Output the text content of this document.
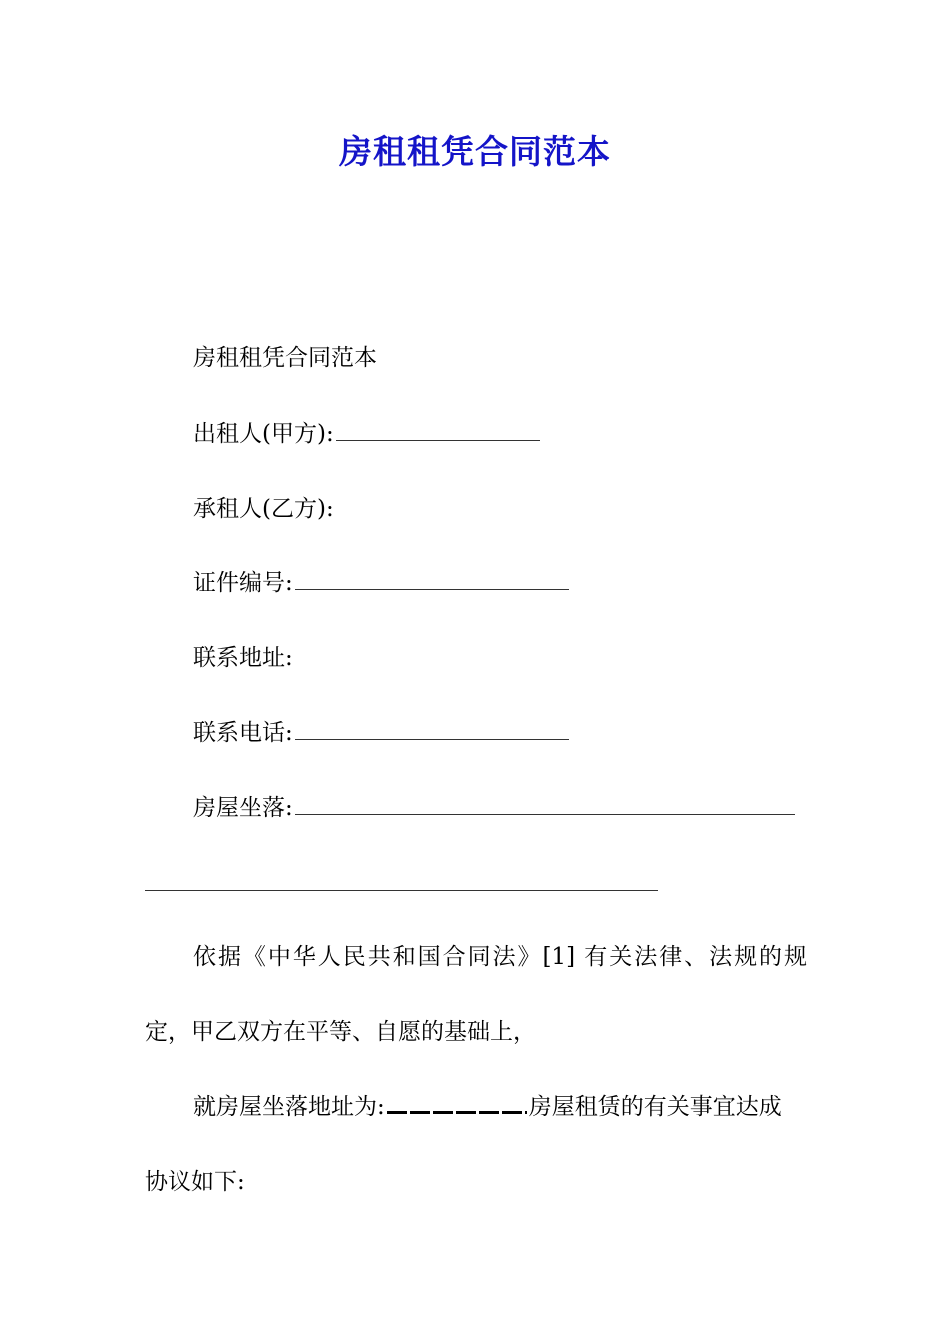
房租租凭合同范本

房租租凭合同范本

出租人(甲方):

承租人(乙方):

证件编号:

联系地址:

联系电话:

房屋坐落:

依据《中华人民共和国合同法》[1] 有关法律、法规的规
定，甲乙双方在平等、自愿的基础上，
就房屋坐落地址为:	房屋租赁的有关事宜达成
协议如下:
